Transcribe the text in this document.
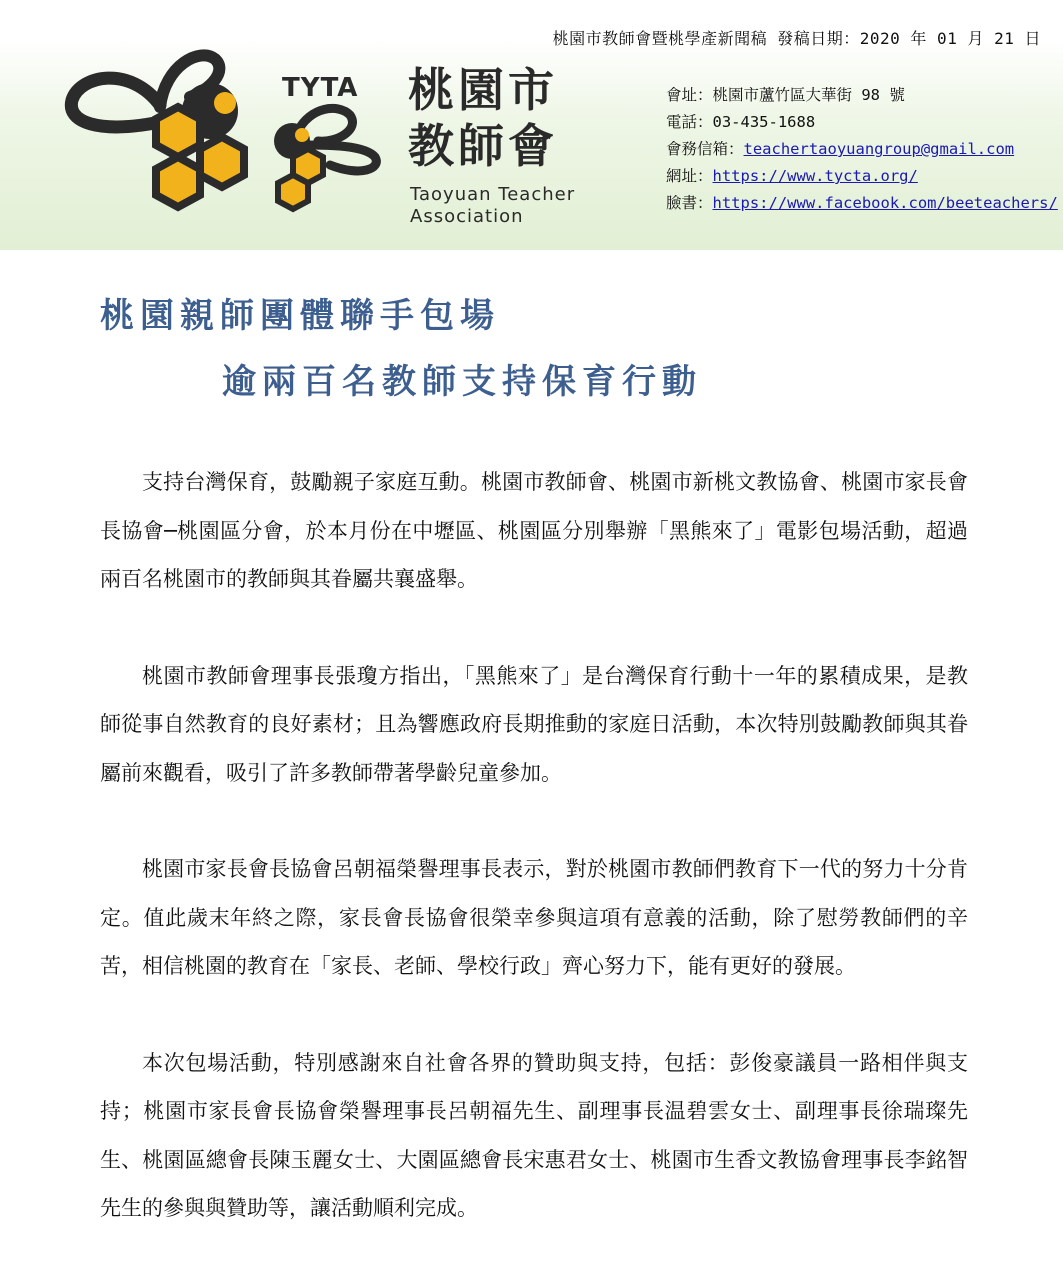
桃園市教師會暨桃學產新聞稿 發稿日期：2020 年 01 月 21 日
TYTA 桃園市
教師會
Taoyuan Teacher
Association
會址：桃園市蘆竹區大華街 98 號
電話：03-435-1688
會務信箱：teachertaoyuangroup@gmail.com
網址：https://www.tycta.org/
臉書：https://www.facebook.com/beeteachers/
桃園親師團體聯手包場
逾兩百名教師支持保育行動

支持台灣保育，鼓勵親子家庭互動。桃園市教師會、桃園市新桃文教協會、桃園市家長會長協會─桃園區分會，於本月份在中壢區、桃園區分別舉辦「黑熊來了」電影包場活動，超過兩百名桃園市的教師與其眷屬共襄盛舉。

桃園市教師會理事長張瓊方指出，「黑熊來了」是台灣保育行動十一年的累積成果，是教師從事自然教育的良好素材；且為響應政府長期推動的家庭日活動，本次特別鼓勵教師與其眷屬前來觀看，吸引了許多教師帶著學齡兒童參加。

桃園市家長會長協會呂朝福榮譽理事長表示，對於桃園市教師們教育下一代的努力十分肯定。值此歲末年終之際，家長會長協會很榮幸參與這項有意義的活動，除了慰勞教師們的辛苦，相信桃園的教育在「家長、老師、學校行政」齊心努力下，能有更好的發展。

本次包場活動，特別感謝來自社會各界的贊助與支持，包括：彭俊豪議員一路相伴與支持；桃園市家長會長協會榮譽理事長呂朝福先生、副理事長温碧雲女士、副理事長徐瑞璨先生、桃園區總會長陳玉麗女士、大園區總會長宋惠君女士、桃園市生香文教協會理事長李銘智先生的參與與贊助等，讓活動順利完成。
